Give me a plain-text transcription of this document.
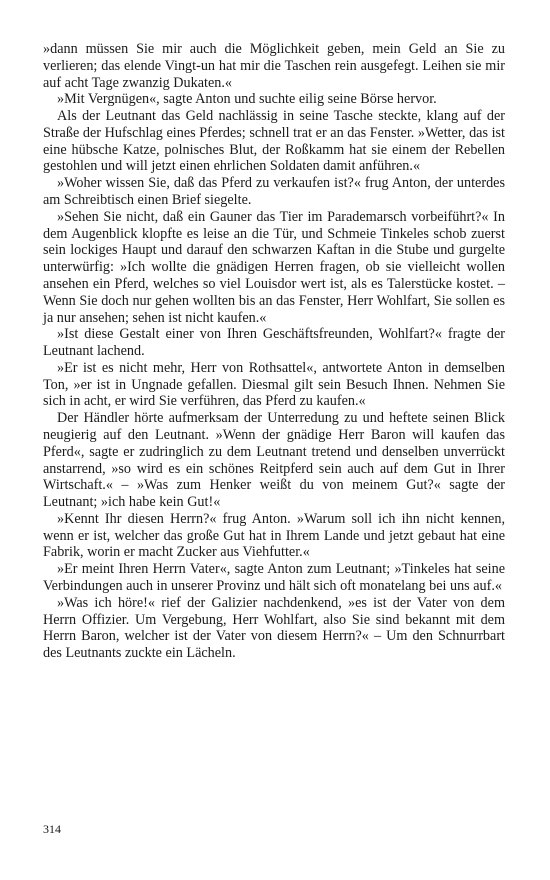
»dann müssen Sie mir auch die Möglichkeit geben, mein Geld an Sie zu verlieren; das elende Vingt-un hat mir die Taschen rein ausgefegt. Leihen sie mir auf acht Tage zwanzig Dukaten.«

»Mit Vergnügen«, sagte Anton und suchte eilig seine Börse hervor.

Als der Leutnant das Geld nachlässig in seine Tasche steckte, klang auf der Straße der Hufschlag eines Pferdes; schnell trat er an das Fenster. »Wetter, das ist eine hübsche Katze, polnisches Blut, der Roßkamm hat sie einem der Rebellen gestohlen und will jetzt einen ehrlichen Soldaten damit anführen.«

»Woher wissen Sie, daß das Pferd zu verkaufen ist?« frug Anton, der unterdes am Schreibtisch einen Brief siegelte.

»Sehen Sie nicht, daß ein Gauner das Tier im Parademarsch vorbeiführt?« In dem Augenblick klopfte es leise an die Tür, und Schmeie Tinkeles schob zuerst sein lockiges Haupt und darauf den schwarzen Kaftan in die Stube und gurgelte unterwürfig: »Ich wollte die gnädigen Herren fragen, ob sie vielleicht wollen ansehen ein Pferd, welches so viel Louisdor wert ist, als es Talerstücke kostet. – Wenn Sie doch nur gehen wollten bis an das Fenster, Herr Wohlfart, Sie sollen es ja nur ansehen; sehen ist nicht kaufen.«

»Ist diese Gestalt einer von Ihren Geschäftsfreunden, Wohlfart?« fragte der Leutnant lachend.

»Er ist es nicht mehr, Herr von Rothsattel«, antwortete Anton in demselben Ton, »er ist in Ungnade gefallen. Diesmal gilt sein Besuch Ihnen. Nehmen Sie sich in acht, er wird Sie verführen, das Pferd zu kaufen.«

Der Händler hörte aufmerksam der Unterredung zu und heftete seinen Blick neugierig auf den Leutnant. »Wenn der gnädige Herr Baron will kaufen das Pferd«, sagte er zudringlich zu dem Leutnant tretend und denselben unverrückt anstarrend, »so wird es ein schönes Reitpferd sein auch auf dem Gut in Ihrer Wirtschaft.« – »Was zum Henker weißt du von meinem Gut?« sagte der Leutnant; »ich habe kein Gut!«

»Kennt Ihr diesen Herrn?« frug Anton. »Warum soll ich ihn nicht kennen, wenn er ist, welcher das große Gut hat in Ihrem Lande und jetzt gebaut hat eine Fabrik, worin er macht Zucker aus Viehfutter.«

»Er meint Ihren Herrn Vater«, sagte Anton zum Leutnant; »Tinkeles hat seine Verbindungen auch in unserer Provinz und hält sich oft monatelang bei uns auf.«

»Was ich höre!« rief der Galizier nachdenkend, »es ist der Vater von dem Herrn Offizier. Um Vergebung, Herr Wohlfart, also Sie sind bekannt mit dem Herrn Baron, welcher ist der Vater von diesem Herrn?« – Um den Schnurrbart des Leutnants zuckte ein Lächeln.

314
